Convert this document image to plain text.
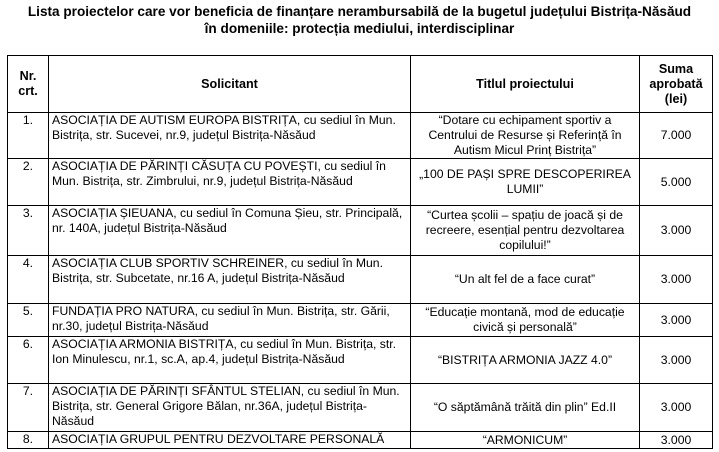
Lista proiectelor care vor beneficia de finanțare nerambursabilă de la bugetul județului Bistrița-Năsăud
în domeniile: protecția mediului, interdisciplinar
Nr. crt.	Solicitant	Titlul proiectului	Suma aprobată (lei)
1.	ASOCIAȚIA DE AUTISM EUROPA BISTRIȚA, cu sediul în Mun. Bistrița, str. Sucevei, nr.9, județul Bistrița-Năsăud	“Dotare cu echipament sportiv a Centrului de Resurse și Referință în Autism Micul Prinț Bistrița”	7.000
2.	ASOCIAȚIA DE PĂRINȚI CĂSUȚA CU POVEȘTI, cu sediul în Mun. Bistrița, str. Zimbrului, nr.9, județul Bistrița-Năsăud	„100 DE PAȘI SPRE DESCOPERIREA LUMII”	5.000
3.	ASOCIAȚIA ȘIEUANA, cu sediul în Comuna Șieu, str. Principală, nr. 140A, județul Bistrița-Năsăud	“Curtea școlii – spațiu de joacă și de recreere, esențial pentru dezvoltarea copilului!”	3.000
4.	ASOCIAȚIA CLUB SPORTIV SCHREINER, cu sediul în Mun. Bistrița, str. Subcetate, nr.16 A, județul Bistrița-Năsăud	“Un alt fel de a face curat”	3.000
5.	FUNDAȚIA PRO NATURA, cu sediul în Mun. Bistrița, str. Gării, nr.30, județul Bistrița-Năsăud	“Educație montană, mod de educație civică și personală”	3.000
6.	ASOCIAȚIA ARMONIA BISTRIȚA, cu sediul în Mun. Bistrița, str. Ion Minulescu, nr.1, sc.A, ap.4, județul Bistrița-Năsăud	“BISTRIȚA ARMONIA JAZZ 4.0”	3.000
7.	ASOCIAȚIA DE PĂRINȚI SFÂNTUL STELIAN, cu sediul în Mun. Bistrița, str. General Grigore Bălan, nr.36A, județul Bistrița-Năsăud	“O săptămână trăită din plin” Ed.II	3.000
8.	ASOCIAȚIA GRUPUL PENTRU DEZVOLTARE PERSONALĂ	“ARMONICUM”	3.000
